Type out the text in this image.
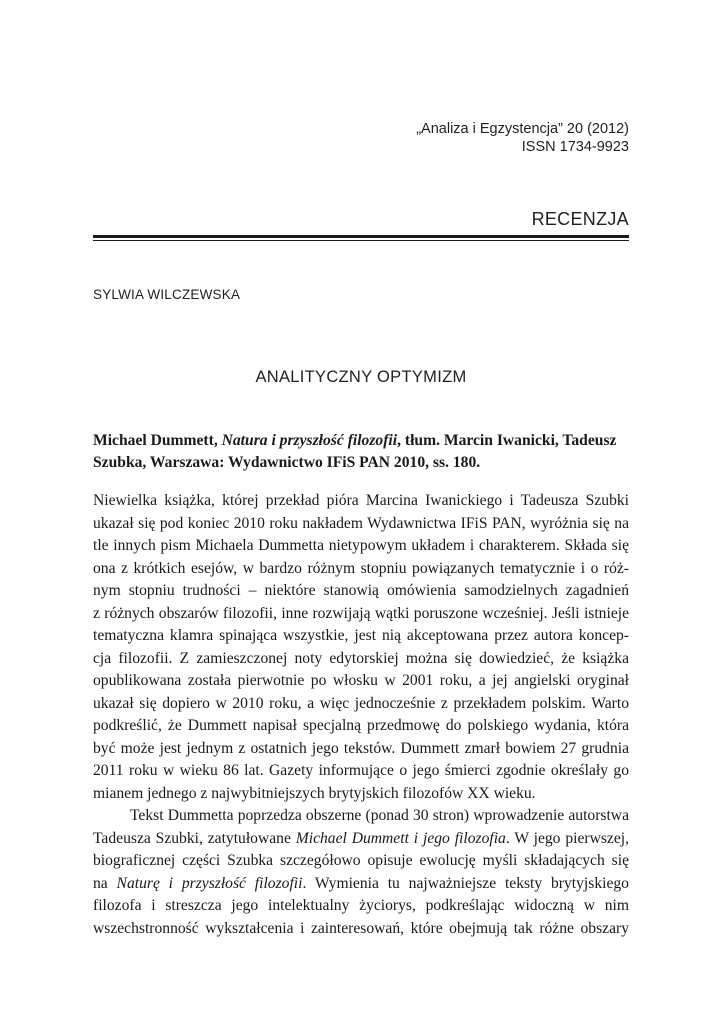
„Analiza i Egzystencja” 20 (2012)
ISSN 1734-9923
RECENZJA
SYLWIA WILCZEWSKA
ANALITYCZNY OPTYMIZM
Michael Dummett, Natura i przyszłość filozofii, tłum. Marcin Iwanicki, Tadeusz
Szubka, Warszawa: Wydawnictwo IFiS PAN 2010, ss. 180.
Niewielka książka, której przekład pióra Marcina Iwanickiego i Tadeusza Szubki
ukazał się pod koniec 2010 roku nakładem Wydawnictwa IFiS PAN, wyróżnia się na
tle innych pism Michaela Dummetta nietypowym układem i charakterem. Składa się
ona z krótkich esejów, w bardzo różnym stopniu powiązanych tematycznie i o róż-
nym stopniu trudności – niektóre stanowią omówienia samodzielnych zagadnień
z różnych obszarów filozofii, inne rozwijają wątki poruszone wcześniej. Jeśli istnieje
tematyczna klamra spinająca wszystkie, jest nią akceptowana przez autora koncep-
cja filozofii. Z zamieszczonej noty edytorskiej można się dowiedzieć, że książka
opublikowana została pierwotnie po włosku w 2001 roku, a jej angielski oryginał
ukazał się dopiero w 2010 roku, a więc jednocześnie z przekładem polskim. Warto
podkreślić, że Dummett napisał specjalną przedmowę do polskiego wydania, która
być może jest jednym z ostatnich jego tekstów. Dummett zmarł bowiem 27 grudnia
2011 roku w wieku 86 lat. Gazety informujące o jego śmierci zgodnie określały go
mianem jednego z najwybitniejszych brytyjskich filozofów XX wieku.
Tekst Dummetta poprzedza obszerne (ponad 30 stron) wprowadzenie autorstwa
Tadeusza Szubki, zatytułowane Michael Dummett i jego filozofia. W jego pierwszej,
biograficznej części Szubka szczegółowo opisuje ewolucję myśli składających się
na Naturę i przyszłość filozofii. Wymienia tu najważniejsze teksty brytyjskiego
filozofa i streszcza jego intelektualny życiorys, podkreślając widoczną w nim
wszechstronność wykształcenia i zainteresowań, które obejmują tak różne obszary
